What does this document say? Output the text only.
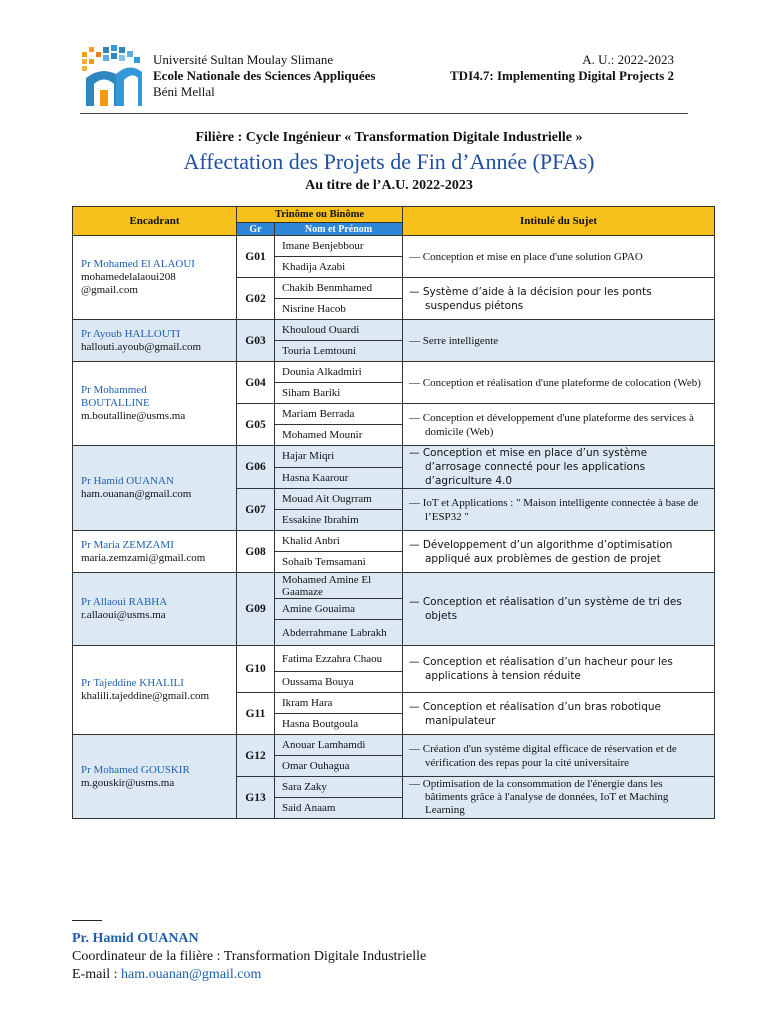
Université Sultan Moulay Slimane
Ecole Nationale des Sciences Appliquées
Béni Mellal
A. U.: 2022-2023
TDI4.7: Implementing Digital Projects 2
Filière : Cycle Ingénieur « Transformation Digitale Industrielle »
Affectation des Projets de Fin d’Année (PFAs)
Au titre de l’A.U. 2022-2023
Encadrant	Trinôme ou Binôme		Intitulé du Sujet
	Gr	Nom et Prénom	
Pr Mohamed El ALAOUI
mohamedelalaoui208
@gmail.com	G01	Imane Benjebbour	— Conception et mise en place d'une solution GPAO

		Khadija Azabi	
	G02	Chakib Benmhamed	— Système d’aide à la décision pour les ponts suspendus piétons

		Nisrine Hacob	
Pr Ayoub HALLOUTI
hallouti.ayoub@gmail.com	G03	Khouloud Ouardi	— Serre intelligente

		Touria Lemtouni	
Pr Mohammed
BOUTALLINE
m.boutalline@usms.ma	G04	Dounia Alkadmiri	— Conception et réalisation d'une plateforme de colocation (Web)

		Siham Bariki	
	G05	Mariam Berrada	— Conception et développement d'une plateforme des services à domicile (Web)

		Mohamed Mounir	
Pr Hamid OUANAN
ham.ouanan@gmail.com	G06	Hajar Miqri	— Conception et mise en place d’un système d’arrosage connecté pour les applications d’agriculture 4.0

		Hasna Kaarour	
	G07	Mouad Ait Ougrram	— IoT et Applications : " Maison intelligente connectée à base de l’ESP32 "

		Essakine Ibrahim	
Pr Maria ZEMZAMI
maria.zemzami@gmail.com	G08	Khalid Anbri	— Développement d’un algorithme d’optimisation appliqué aux problèmes de gestion de projet

		Sohaib Temsamani	
Pr Allaoui RABHA
r.allaoui@usms.ma	G09	Mohamed Amine El Gaamaze	— Conception et réalisation d’un système de tri des objets

		Amine Gouaima	
		Abderrahmane Labrakh	
Pr Tajeddine KHALILI
khalili.tajeddine@gmail.com	G10	Fatima Ezzahra Chaou	— Conception et réalisation d’un hacheur pour les applications à tension réduite

		Oussama Bouya	
	G11	Ikram Hara	— Conception et réalisation d’un bras robotique manipulateur

		Hasna Boutgoula	
Pr Mohamed GOUSKIR
m.gouskir@usms.ma	G12	Anouar Lamhamdi	— Création d'un système digital efficace de réservation et de vérification des repas pour la cité universitaire

		Omar Ouhagua	
	G13	Sara Zaky	— Optimisation de la consommation de l'énergie dans les bâtiments grâce à l'analyse de données, IoT et Maching Learning

		Said Anaam	
Pr. Hamid OUANAN
Coordinateur de la filière : Transformation Digitale Industrielle
E-mail : ham.ouanan@gmail.com
